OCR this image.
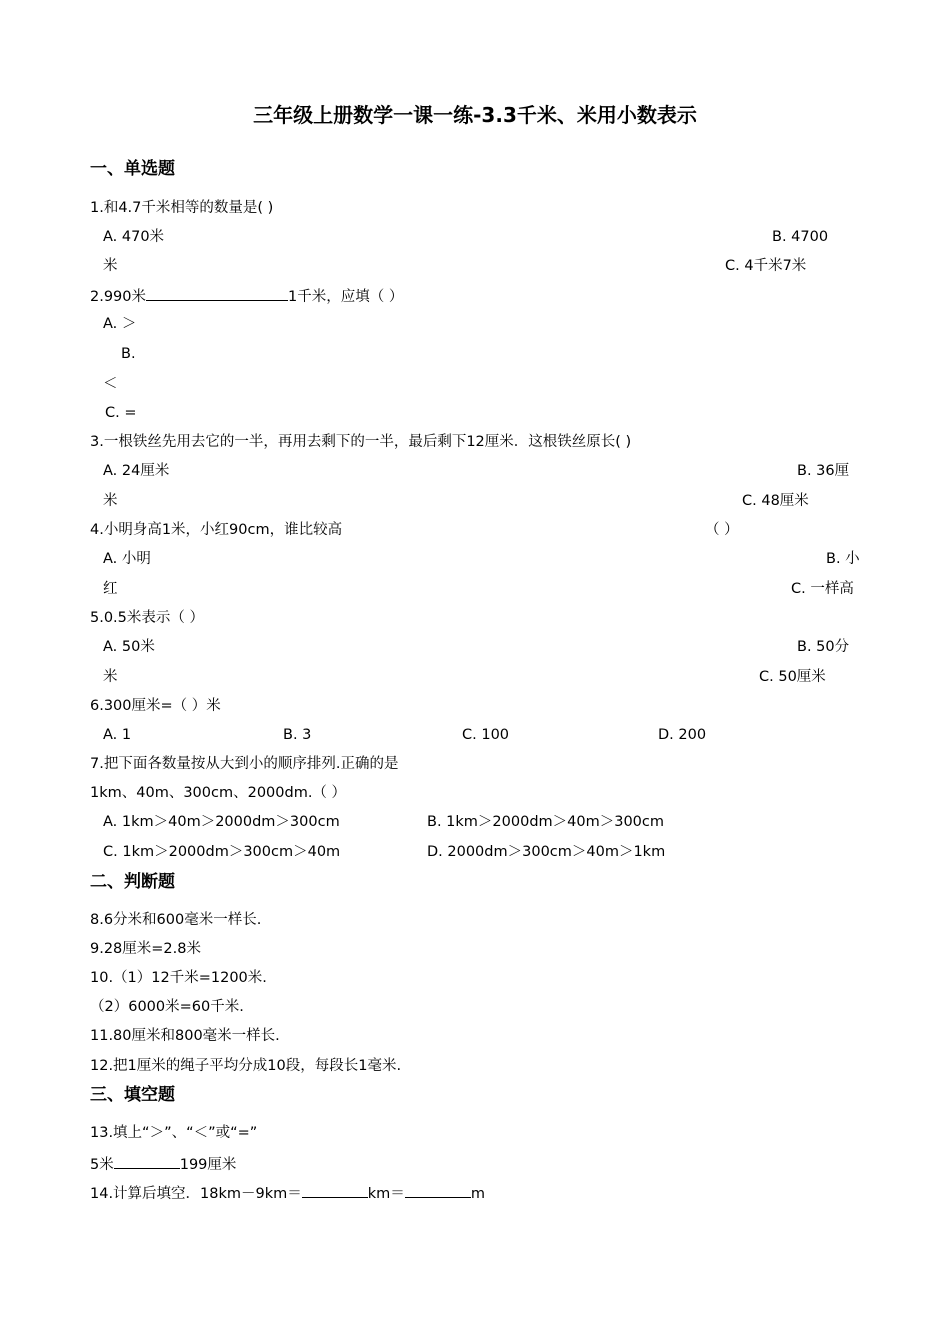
三年级上册数学一课一练-3.3千米、米用小数表示
一、单选题
1.和4.7千米相等的数量是( )
A. 470米	B. 4700
米	C. 4千米7米
2.990米	1千米，应填（ ）
A. ＞
B.
＜
C. =
3.一根铁丝先用去它的一半，再用去剩下的一半，最后剩下12厘米．这根铁丝原长( )
A. 24厘米	B. 36厘
米	C. 48厘米
4.小明身高1米，小红90cm，谁比较高	（ ）
A. 小明	B. 小
红	C. 一样高
5.0.5米表示（ ）
A. 50米	B. 50分
米	C. 50厘米
6.300厘米=（ ）米
A. 1	B. 3	C. 100	D. 200
7.把下面各数量按从大到小的顺序排列.正确的是
1km、40m、300cm、2000dm.（ ）
A. 1km＞40m＞2000dm＞300cm	B. 1km＞2000dm＞40m＞300cm
C. 1km＞2000dm＞300cm＞40m	D. 2000dm＞300cm＞40m＞1km
二、判断题
8.6分米和600毫米一样长.
9.28厘米=2.8米
10.（1）12千米=1200米.
（2）6000米=60千米.
11.80厘米和800毫米一样长.
12.把1厘米的绳子平均分成10段，每段长1毫米.
三、填空题
13.填上“＞”、“＜”或“=”
5米	199厘米
14.计算后填空．18km－9km＝	km＝	m
